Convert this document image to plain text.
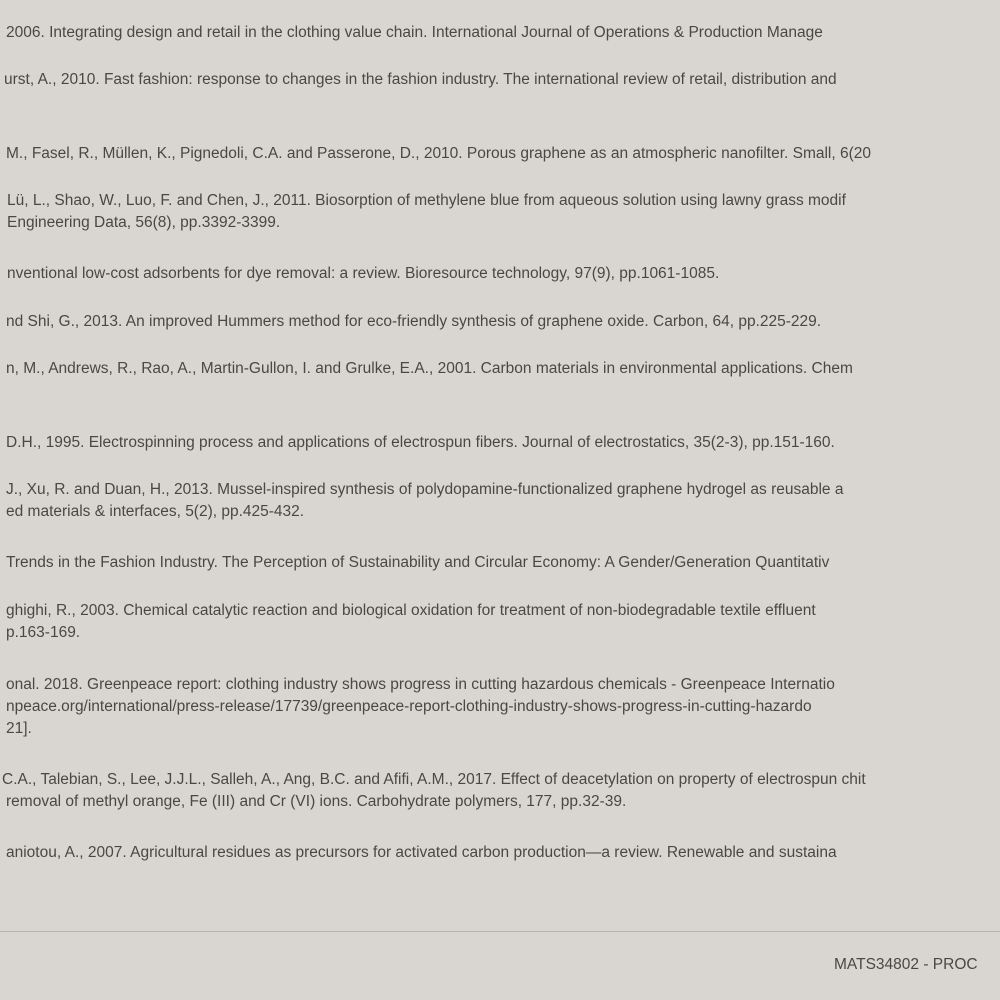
2006. Integrating design and retail in the clothing value chain. International Journal of Operations & Production Manage
urst, A., 2010. Fast fashion: response to changes in the fashion industry. The international review of retail, distribution and
M., Fasel, R., Müllen, K., Pignedoli, C.A. and Passerone, D., 2010. Porous graphene as an atmospheric nanofilter. Small, 6(20
Lü, L., Shao, W., Luo, F. and Chen, J., 2011. Biosorption of methylene blue from aqueous solution using lawny grass modif
Engineering Data, 56(8), pp.3392-3399.
nventional low-cost adsorbents for dye removal: a review. Bioresource technology, 97(9), pp.1061-1085.
nd Shi, G., 2013. An improved Hummers method for eco-friendly synthesis of graphene oxide. Carbon, 64, pp.225-229.
n, M., Andrews, R., Rao, A., Martin-Gullon, I. and Grulke, E.A., 2001. Carbon materials in environmental applications. Chem
D.H., 1995. Electrospinning process and applications of electrospun fibers. Journal of electrostatics, 35(2-3), pp.151-160.
J., Xu, R. and Duan, H., 2013. Mussel-inspired synthesis of polydopamine-functionalized graphene hydrogel as reusable a
ed materials & interfaces, 5(2), pp.425-432.
Trends in the Fashion Industry. The Perception of Sustainability and Circular Economy: A Gender/Generation Quantitativ
ghighi, R., 2003. Chemical catalytic reaction and biological oxidation for treatment of non-biodegradable textile effluent
p.163-169.
onal. 2018. Greenpeace report: clothing industry shows progress in cutting hazardous chemicals - Greenpeace Internatio
npeace.org/international/press-release/17739/greenpeace-report-clothing-industry-shows-progress-in-cutting-hazardo
21].
C.A., Talebian, S., Lee, J.J.L., Salleh, A., Ang, B.C. and Afifi, A.M., 2017. Effect of deacetylation on property of electrospun chit
removal of methyl orange, Fe (III) and Cr (VI) ions. Carbohydrate polymers, 177, pp.32-39.
aniotou, A., 2007. Agricultural residues as precursors for activated carbon production—a review. Renewable and sustaina
MATS34802 - PROC
